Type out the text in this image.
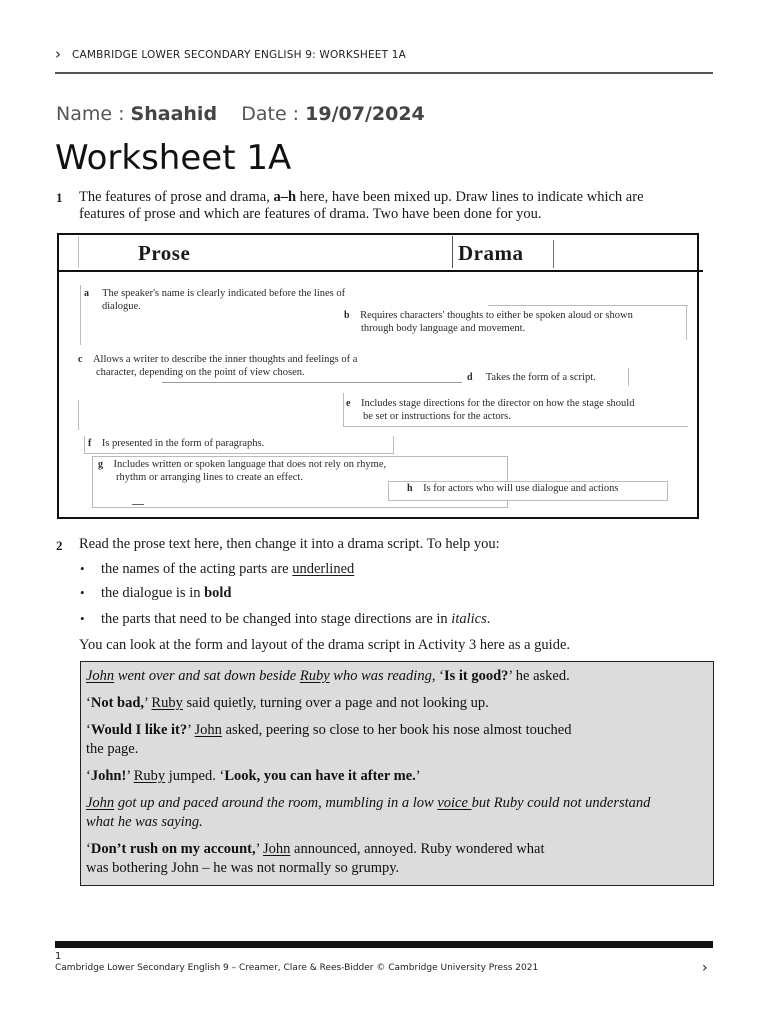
› CAMBRIDGE LOWER SECONDARY ENGLISH 9: WORKSHEET 1A
Name : Shaahid Date : 19/07/2024
Worksheet 1A
1 The features of prose and drama, a–h here, have been mixed up. Draw lines to indicate which are
features of prose and which are features of drama. Two have been done for you.
Prose	Drama
a The speaker's name is clearly indicated before the lines of
dialogue.
b Requires characters' thoughts to either be spoken aloud or shown
through body language and movement.
c Allows a writer to describe the inner thoughts and feelings of a
character, depending on the point of view chosen.	d Takes the form of a script.
e Includes stage directions for the director on how the stage should
be set or instructions for the actors.
f Is presented in the form of paragraphs.
g Includes written or spoken language that does not rely on rhyme,
rhythm or arranging lines to create an effect.
h Is for actors who will use dialogue and actions
2 Read the prose text here, then change it into a drama script. To help you:
• the names of the acting parts are underlined
• the dialogue is in bold
• the parts that need to be changed into stage directions are in italics.
You can look at the form and layout of the drama script in Activity 3 here as a guide.
John went over and sat down beside Ruby who was reading, ‘Is it good?’ he asked.
‘Not bad,’ Ruby said quietly, turning over a page and not looking up.
‘Would I like it?’ John asked, peering so close to her book his nose almost touched
the page.
‘John!’ Ruby jumped. ‘Look, you can have it after me.’
John got up and paced around the room, mumbling in a low voice but Ruby could not understand
what he was saying.
‘Don’t rush on my account,’ John announced, annoyed. Ruby wondered what
was bothering John – he was not normally so grumpy.
1
Cambridge Lower Secondary English 9 – Creamer, Clare & Rees-Bidder © Cambridge University Press 2021	›
